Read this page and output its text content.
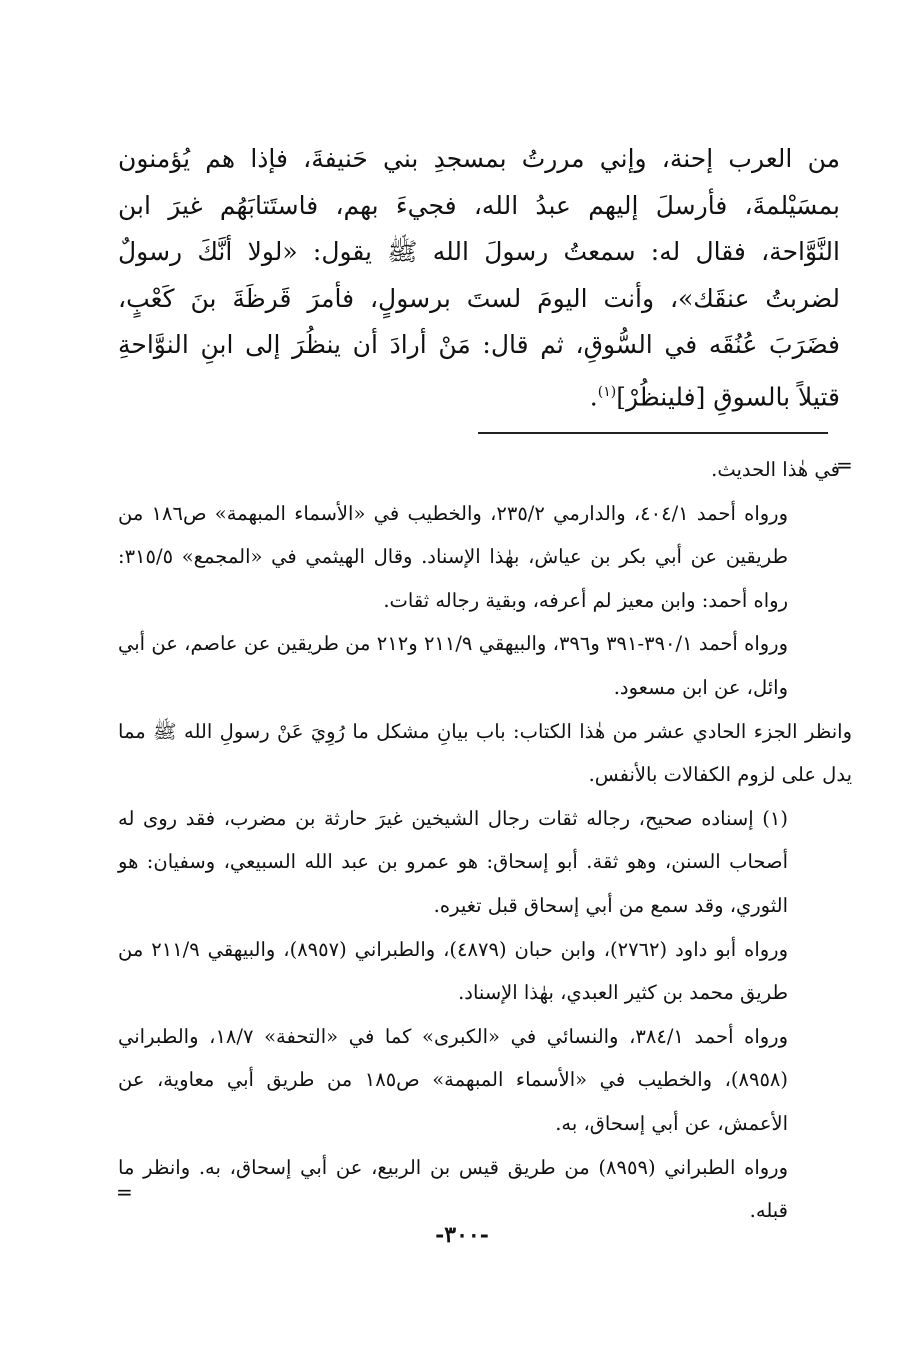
من العرب إحنة، وإني مررتُ بمسجدِ بني حَنيفةَ، فإذا هم يُؤمنون بمسَيْلمةَ، فأرسلَ إليهم عبدُ الله، فجيءَ بهم، فاستَتابَهُم غيرَ ابن النَّوَّاحة، فقال له: سمعتُ رسولَ الله ﷺ يقول: «لولا أنَّكَ رسولٌ لضربتُ عنقَك»، وأنت اليومَ لستَ برسولٍ، فأمرَ قَرظَةَ بنَ كَعْبٍ، فضَرَبَ عُنُقَه في السُّوقِ، ثم قال: مَنْ أرادَ أن ينظُرَ إلى ابنِ النوَّاحةِ قتيلاً بالسوقِ [فلينظُرْ]$^{(١)}$.

=

في هٰذا الحديث.

ورواه أحمد ٤٠٤/١، والدارمي ٢٣٥/٢، والخطيب في «الأسماء المبهمة» ص١٨٦ من طريقين عن أبي بكر بن عياش، بهٰذا الإسناد. وقال الهيثمي في «المجمع» ٣١٥/٥: رواه أحمد: وابن معيز لم أعرفه، وبقية رجاله ثقات.

ورواه أحمد ٣٩٠/١-٣٩١ و٣٩٦، والبيهقي ٢١١/٩ و٢١٢ من طريقين عن عاصم، عن أبي وائل، عن ابن مسعود.

وانظر الجزء الحادي عشر من هٰذا الكتاب: باب بيانِ مشكل ما رُوِيَ عَنْ رسولِ الله ﷺ مما يدل على لزوم الكفالات بالأنفس.

(١) إسناده صحيح، رجاله ثقات رجال الشيخين غيرَ حارثة بن مضرب، فقد روى له أصحاب السنن، وهو ثقة. أبو إسحاق: هو عمرو بن عبد الله السبيعي، وسفيان: هو الثوري، وقد سمع من أبي إسحاق قبل تغيره.

ورواه أبو داود (٢٧٦٢)، وابن حبان (٤٨٧٩)، والطبراني (٨٩٥٧)، والبيهقي ٢١١/٩ من طريق محمد بن كثير العبدي، بهٰذا الإسناد.

ورواه أحمد ٣٨٤/١، والنسائي في «الكبرى» كما في «التحفة» ١٨/٧، والطبراني (٨٩٥٨)، والخطيب في «الأسماء المبهمة» ص١٨٥ من طريق أبي معاوية، عن الأعمش، عن أبي إسحاق، به.

ورواه الطبراني (٨٩٥٩) من طريق قيس بن الربيع، عن أبي إسحاق، به. وانظر ما قبله.

=
-٣٠٠-
